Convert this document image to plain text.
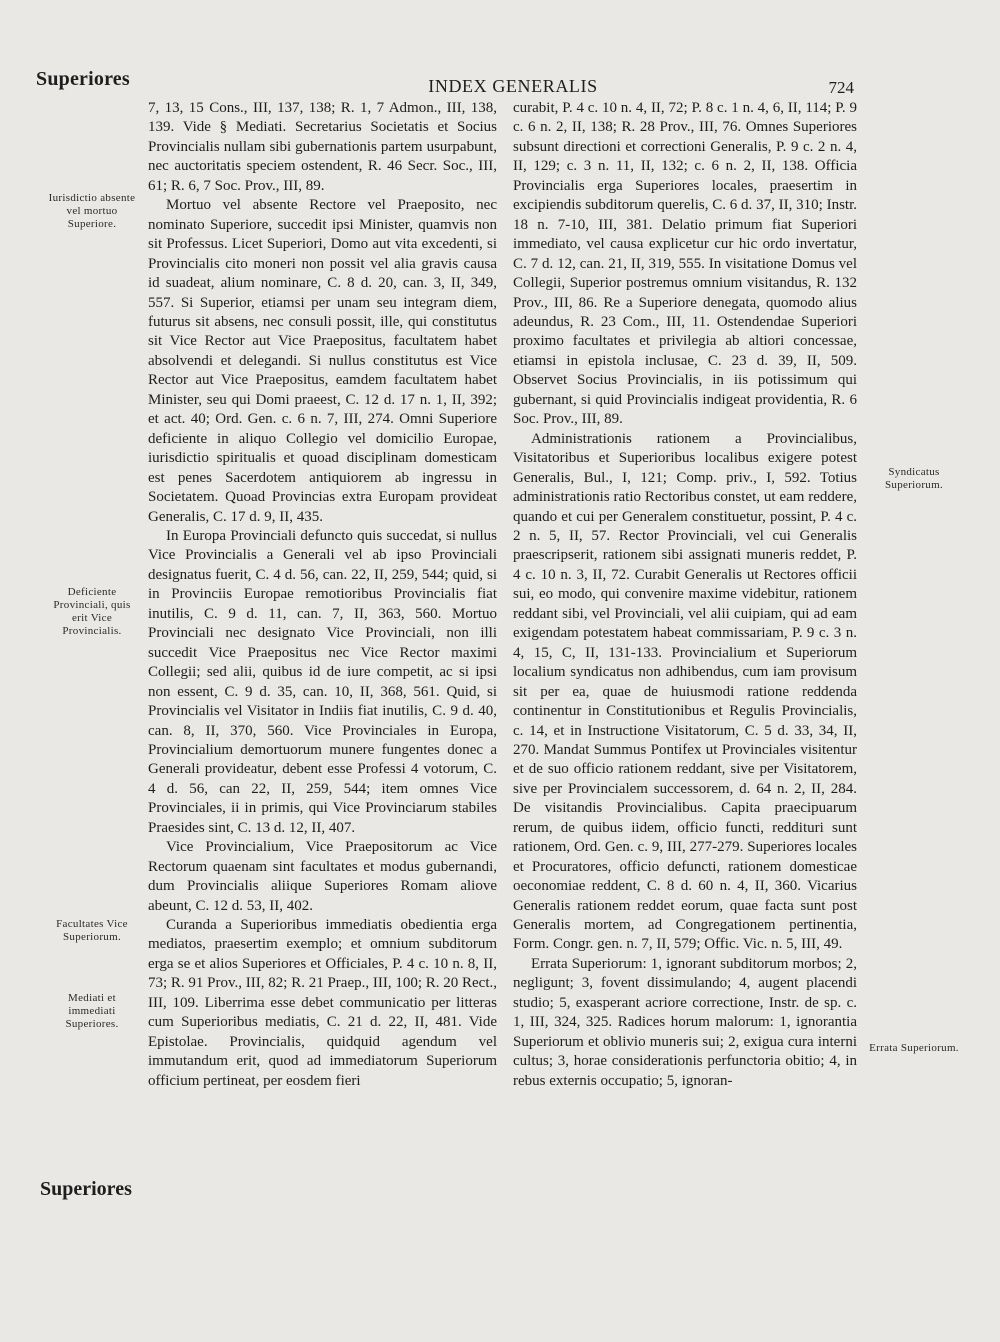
Superiores	INDEX GENERALIS	724
Iurisdictio absente vel mortuo Superiore.
Deficiente Provinciali, quis erit Vice Provincialis.
Facultates Vice Superiorum.
Mediati et immediati Superiores.
Syndicatus Superiorum.
Errata Superiorum.

7, 13, 15 Cons., III, 137, 138; R. 1, 7 Admon., III, 138, 139. Vide § Mediati. Secretarius Societatis et Socius Provincialis nullam sibi gubernationis partem usurpabunt, nec auctoritatis speciem ostendent, R. 46 Secr. Soc., III, 61; R. 6, 7 Soc. Prov., III, 89.

Mortuo vel absente Rectore vel Praeposito, nec nominato Superiore, succedit ipsi Minister, quamvis non sit Professus. Licet Superiori, Domo aut vita excedenti, si Provincialis cito moneri non possit vel alia gravis causa id suadeat, alium nominare, C. 8 d. 20, can. 3, II, 349, 557. Si Superior, etiamsi per unam seu integram diem, futurus sit absens, nec consuli possit, ille, qui constitutus sit Vice Rector aut Vice Praepositus, facultatem habet absolvendi et delegandi. Si nullus constitutus est Vice Rector aut Vice Praepositus, eamdem facultatem habet Minister, seu qui Domi praeest, C. 12 d. 17 n. 1, II, 392; et act. 40; Ord. Gen. c. 6 n. 7, III, 274. Omni Superiore deficiente in aliquo Collegio vel domicilio Europae, iurisdictio spiritualis et quoad disciplinam domesticam est penes Sacerdotem antiquiorem ab ingressu in Societatem. Quoad Provincias extra Europam provideat Generalis, C. 17 d. 9, II, 435.

In Europa Provinciali defuncto quis succedat, si nullus Vice Provincialis a Generali vel ab ipso Provinciali designatus fuerit, C. 4 d. 56, can. 22, II, 259, 544; quid, si in Provinciis Europae remotioribus Provincialis fiat inutilis, C. 9 d. 11, can. 7, II, 363, 560. Mortuo Provinciali nec designato Vice Provinciali, non illi succedit Vice Praepositus nec Vice Rector maximi Collegii; sed alii, quibus id de iure competit, ac si ipsi non essent, C. 9 d. 35, can. 10, II, 368, 561. Quid, si Provincialis vel Visitator in Indiis fiat inutilis, C. 9 d. 40, can. 8, II, 370, 560. Vice Provinciales in Europa, Provincialium demortuorum munere fungentes donec a Generali provideatur, debent esse Professi 4 votorum, C. 4 d. 56, can 22, II, 259, 544; item omnes Vice Provinciales, ii in primis, qui Vice Provinciarum stabiles Praesides sint, C. 13 d. 12, II, 407.

Vice Provincialium, Vice Praepositorum ac Vice Rectorum quaenam sint facultates et modus gubernandi, dum Provincialis aliique Superiores Romam aliove abeunt, C. 12 d. 53, II, 402.

Curanda a Superioribus immediatis obedientia erga mediatos, praesertim exemplo; et omnium subditorum erga se et alios Superiores et Officiales, P. 4 c. 10 n. 8, II, 73; R. 91 Prov., III, 82; R. 21 Praep., III, 100; R. 20 Rect., III, 109. Liberrima esse debet communicatio per litteras cum Superioribus mediatis, C. 21 d. 22, II, 481. Vide Epistolae. Provincialis, quidquid agendum vel immutandum erit, quod ad immediatorum Superiorum officium pertineat, per eosdem fieri

curabit, P. 4 c. 10 n. 4, II, 72; P. 8 c. 1 n. 4, 6, II, 114; P. 9 c. 6 n. 2, II, 138; R. 28 Prov., III, 76. Omnes Superiores subsunt directioni et correctioni Generalis, P. 9 c. 2 n. 4, II, 129; c. 3 n. 11, II, 132; c. 6 n. 2, II, 138. Officia Provincialis erga Superiores locales, praesertim in excipiendis subditorum querelis, C. 6 d. 37, II, 310; Instr. 18 n. 7-10, III, 381. Delatio primum fiat Superiori immediato, vel causa explicetur cur hic ordo invertatur, C. 7 d. 12, can. 21, II, 319, 555. In visitatione Domus vel Collegii, Superior postremus omnium visitandus, R. 132 Prov., III, 86. Re a Superiore denegata, quomodo alius adeundus, R. 23 Com., III, 11. Ostendendae Superiori proximo facultates et privilegia ab altiori concessae, etiamsi in epistola inclusae, C. 23 d. 39, II, 509. Observet Socius Provincialis, in iis potissimum qui gubernant, si quid Provincialis indigeat providentia, R. 6 Soc. Prov., III, 89.

Administrationis rationem a Provincialibus, Visitatoribus et Superioribus localibus exigere potest Generalis, Bul., I, 121; Comp. priv., I, 592. Totius administrationis ratio Rectoribus constet, ut eam reddere, quando et cui per Generalem constituetur, possint, P. 4 c. 2 n. 5, II, 57. Rector Provinciali, vel cui Generalis praescripserit, rationem sibi assignati muneris reddet, P. 4 c. 10 n. 3, II, 72. Curabit Generalis ut Rectores officii sui, eo modo, qui convenire maxime videbitur, rationem reddant sibi, vel Provinciali, vel alii cuipiam, qui ad eam exigendam potestatem habeat commissariam, P. 9 c. 3 n. 4, 15, C, II, 131-133. Provincialium et Superiorum localium syndicatus non adhibendus, cum iam provisum sit per ea, quae de huiusmodi ratione reddenda continentur in Constitutionibus et Regulis Provincialis, c. 14, et in Instructione Visitatorum, C. 5 d. 33, 34, II, 270. Mandat Summus Pontifex ut Provinciales visitentur et de suo officio rationem reddant, sive per Visitatorem, sive per Provincialem successorem, d. 64 n. 2, II, 284. De visitandis Provincialibus. Capita praecipuarum rerum, de quibus iidem, officio functi, reddituri sunt rationem, Ord. Gen. c. 9, III, 277-279. Superiores locales et Procuratores, officio defuncti, rationem domesticae oeconomiae reddent, C. 8 d. 60 n. 4, II, 360. Vicarius Generalis rationem reddet eorum, quae facta sunt post Generalis mortem, ad Congregationem pertinentia, Form. Congr. gen. n. 7, II, 579; Offic. Vic. n. 5, III, 49.

Errata Superiorum: 1, ignorant subditorum morbos; 2, negligunt; 3, fovent dissimulando; 4, augent placendi studio; 5, exasperant acriore correctione, Instr. de sp. c. 1, III, 324, 325. Radices horum malorum: 1, ignorantia Superiorum et oblivio muneris sui; 2, exigua cura interni cultus; 3, horae considerationis perfunctoria obitio; 4, in rebus externis occupatio; 5, ignoran-

Superiores
